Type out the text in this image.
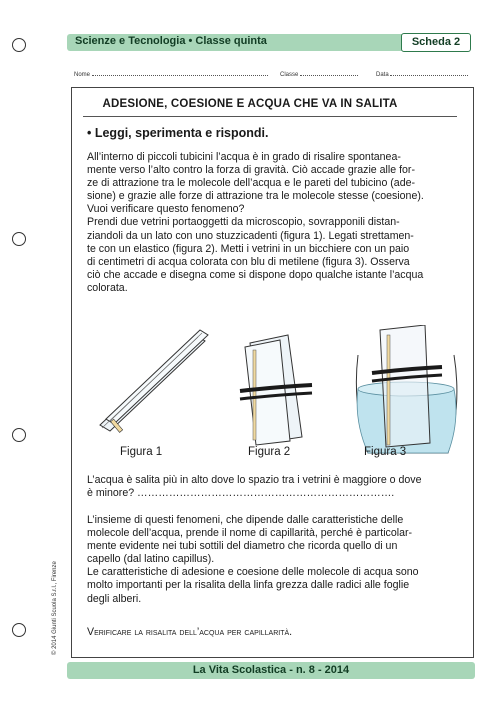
Scienze e Tecnologia • Classe quinta	Scheda 2
Nome	Classe	Data
ADESIONE, COESIONE E ACQUA CHE VA IN SALITA
• Leggi, sperimenta e rispondi.

All’interno di piccoli tubicini l’acqua è in grado di risalire spontanea-

mente verso l’alto contro la forza di gravità. Ciò accade grazie alle for-

ze di attrazione tra le molecole dell’acqua e le pareti del tubicino (ade-

sione) e grazie alle forze di attrazione tra le molecole stesse (coesione).

Vuoi verificare questo fenomeno?

Prendi due vetrini portaoggetti da microscopio, sovrapponili distan-

ziandoli da un lato con uno stuzzicadenti (figura 1). Legati strettamen-

te con un elastico (figura 2). Metti i vetrini in un bicchiere con un paio

di centimetri di acqua colorata con blu di metilene (figura 3). Osserva

ciò che accade e disegna come si dispone dopo qualche istante l’acqua

colorata.

Figura 1	Figura 2	Figura 3

L’acqua è salita più in alto dove lo spazio tra i vetrini è maggiore o dove

è minore? ……………………………………………………………….

L’insieme di questi fenomeni, che dipende dalle caratteristiche delle

molecole dell’acqua, prende il nome di capillarità, perché è particolar-

mente evidente nei tubi sottili del diametro che ricorda quello di un

capello (dal latino capillus).

Le caratteristiche di adesione e coesione delle molecole di acqua sono

molto importanti per la risalita della linfa grezza dalle radici alle foglie

degli alberi.

Verificare la risalita dell’acqua per capillarità.

© 2014 Giunti Scuola S.r.l., Firenze
La Vita Scolastica - n. 8 - 2014
